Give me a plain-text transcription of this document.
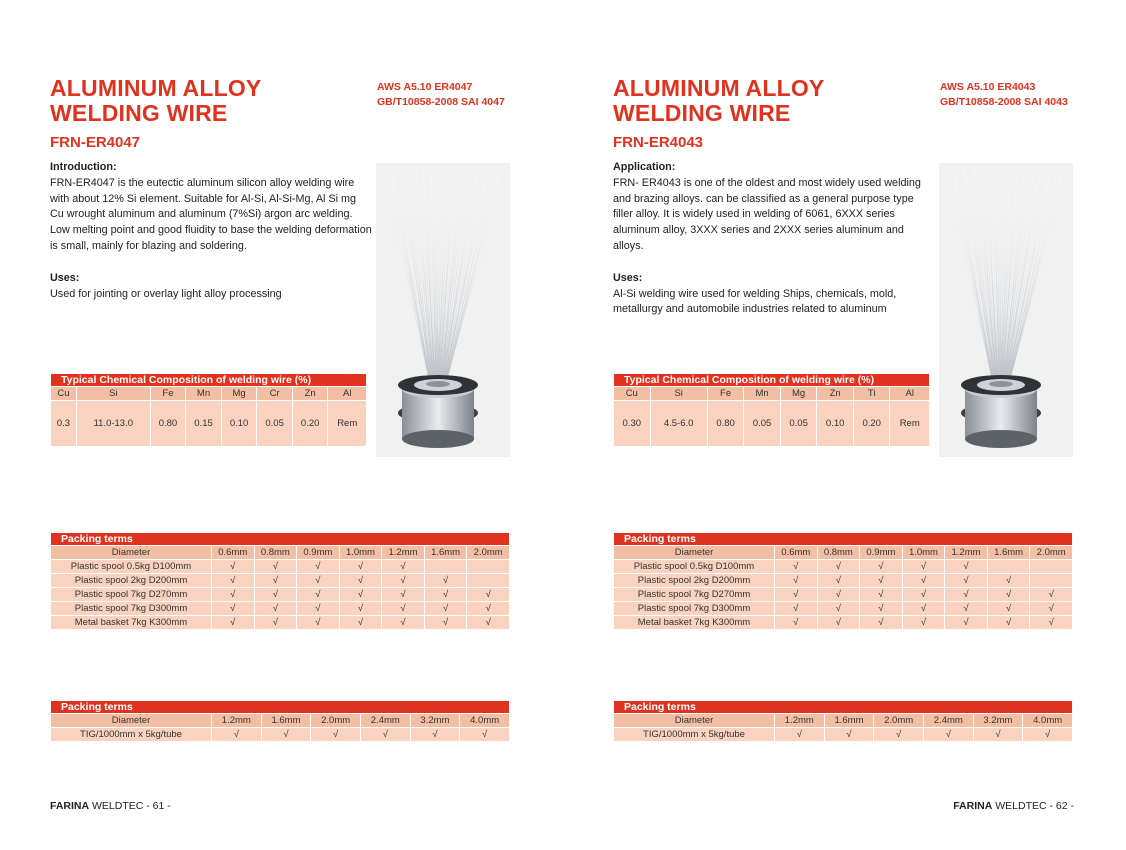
ALUMINUM ALLOY
WELDING WIRE
AWS A5.10 ER4047
GB/T10858-2008 SAI 4047
FRN-ER4047
Introduction:
FRN-ER4047 is the eutectic aluminum silicon alloy welding wire with about 12% Si element. Suitable for Al-Si, Al-Si-Mg, Al Si mg Cu wrought aluminum and aluminum (7%Si) argon arc welding. Low melting point and good fluidity to base the welding deformation is small, mainly for blazing and soldering.
Uses:
Used for jointing or overlay light alloy processing
Typical Chemical Composition of welding wire (%)							
Cu	Si	Fe	Mn	Mg	Cr	Zn	Al
0.3	11.0-13.0	0.80	0.15	0.10	0.05	0.20	Rem
Packing terms							
Diameter	0.6mm	0.8mm	0.9mm	1.0mm	1.2mm	1.6mm	2.0mm
Plastic spool 0.5kg D100mm	√	√	√	√	√		
Plastic spool 2kg D200mm	√	√	√	√	√	√	
Plastic spool 7kg D270mm	√	√	√	√	√	√	√
Plastic spool 7kg D300mm	√	√	√	√	√	√	√
Metal basket 7kg K300mm	√	√	√	√	√	√	√
Packing terms						
Diameter	1.2mm	1.6mm	2.0mm	2.4mm	3.2mm	4.0mm
TIG/1000mm x 5kg/tube	√	√	√	√	√	√
FARINA WELDTEC - 61 -
ALUMINUM ALLOY
WELDING WIRE
AWS A5.10 ER4043
GB/T10858-2008 SAI 4043
FRN-ER4043
Application:
FRN- ER4043 is one of the oldest and most widely used welding and brazing alloys. can be classified as a general purpose type filler alloy. It is widely used in welding of 6061, 6XXX series aluminum alloy, 3XXX series and 2XXX series aluminum and alloys.
Uses:
Al-Si welding wire used for welding Ships, chemicals, mold, metallurgy and automobile industries related to aluminum
Typical Chemical Composition of welding wire (%)							
Cu	Si	Fe	Mn	Mg	Zn	Ti	Al
0.30	4.5-6.0	0.80	0.05	0.05	0.10	0.20	Rem
Packing terms							
Diameter	0.6mm	0.8mm	0.9mm	1.0mm	1.2mm	1.6mm	2.0mm
Plastic spool 0.5kg D100mm	√	√	√	√	√		
Plastic spool 2kg D200mm	√	√	√	√	√	√	
Plastic spool 7kg D270mm	√	√	√	√	√	√	√
Plastic spool 7kg D300mm	√	√	√	√	√	√	√
Metal basket 7kg K300mm	√	√	√	√	√	√	√
Packing terms						
Diameter	1.2mm	1.6mm	2.0mm	2.4mm	3.2mm	4.0mm
TIG/1000mm x 5kg/tube	√	√	√	√	√	√
FARINA WELDTEC - 62 -
